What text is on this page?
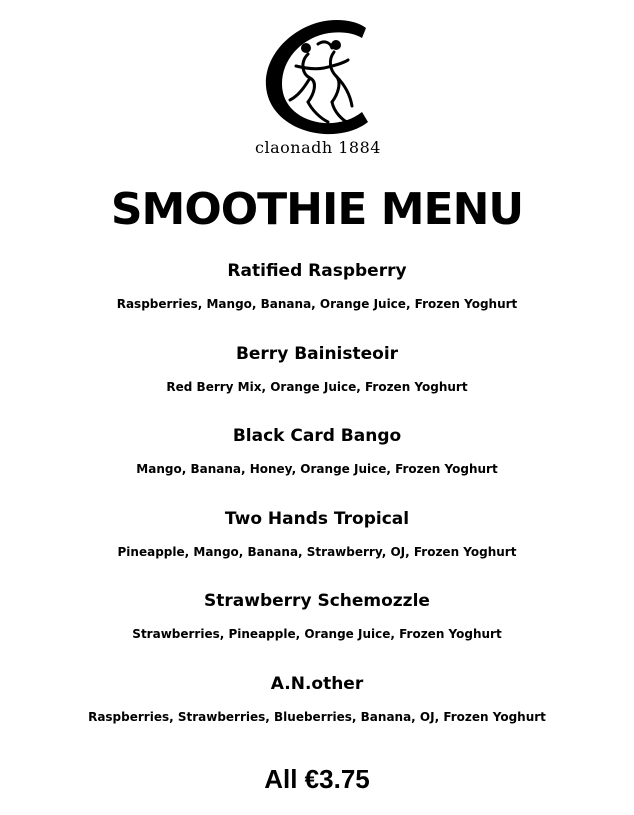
claonadh 1884
SMOOTHIE MENU
Ratified Raspberry
Raspberries, Mango, Banana, Orange Juice, Frozen Yoghurt
Berry Bainisteoir
Red Berry Mix, Orange Juice, Frozen Yoghurt
Black Card Bango
Mango, Banana, Honey, Orange Juice, Frozen Yoghurt
Two Hands Tropical
Pineapple, Mango, Banana, Strawberry, OJ, Frozen Yoghurt
Strawberry Schemozzle
Strawberries, Pineapple, Orange Juice, Frozen Yoghurt
A.N.other
Raspberries, Strawberries, Blueberries, Banana, OJ, Frozen Yoghurt
All €3.75
